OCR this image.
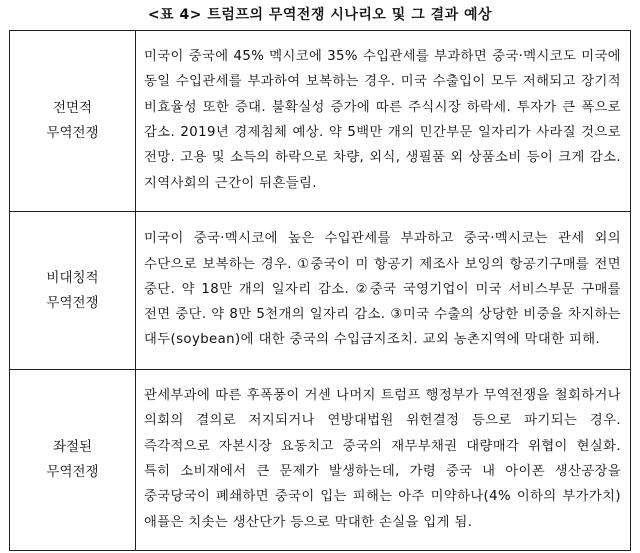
<표 4> 트럼프의 무역전쟁 시나리오 및 그 결과 예상
전면적
무역전쟁	미국이 중국에 45% 멕시코에 35% 수입관세를 부과하면 중국·멕시코도 미국에 동일 수입관세를 부과하여 보복하는 경우. 미국 수출입이 모두 저해되고 장기적 비효율성 또한 증대. 불확실성 증가에 따른 주식시장 하락세. 투자가 큰 폭으로 감소. 2019년 경제침체 예상. 약 5백만 개의 민간부문 일자리가 사라질 것으로 전망. 고용 및 소득의 하락으로 차량, 외식, 생필품 외 상품소비 등이 크게 감소. 지역사회의 근간이 뒤흔들림.

비대칭적
무역전쟁	미국이 중국·멕시코에 높은 수입관세를 부과하고 중국·멕시코는 관세 외의 수단으로 보복하는 경우. ①중국이 미 항공기 제조사 보잉의 항공기구매를 전면 중단. 약 18만 개의 일자리 감소. ②중국 국영기업이 미국 서비스부문 구매를 전면 중단. 약 8만 5천개의 일자리 감소. ③미국 수출의 상당한 비중을 차지하는 대두(soybean)에 대한 중국의 수입금지조치. 교외 농촌지역에 막대한 피해.

좌절된
무역전쟁	관세부과에 따른 후폭풍이 거센 나머지 트럼프 행정부가 무역전쟁을 철회하거나 의회의 결의로 저지되거나 연방대법원 위헌결정 등으로 파기되는 경우. 즉각적으로 자본시장 요동치고 중국의 재무부채권 대량매각 위협이 현실화. 특히 소비재에서 큰 문제가 발생하는데, 가령 중국 내 아이폰 생산공장을 중국당국이 폐쇄하면 중국이 입는 피해는 아주 미약하나(4% 이하의 부가가치) 애플은 치솟는 생산단가 등으로 막대한 손실을 입게 됨.
